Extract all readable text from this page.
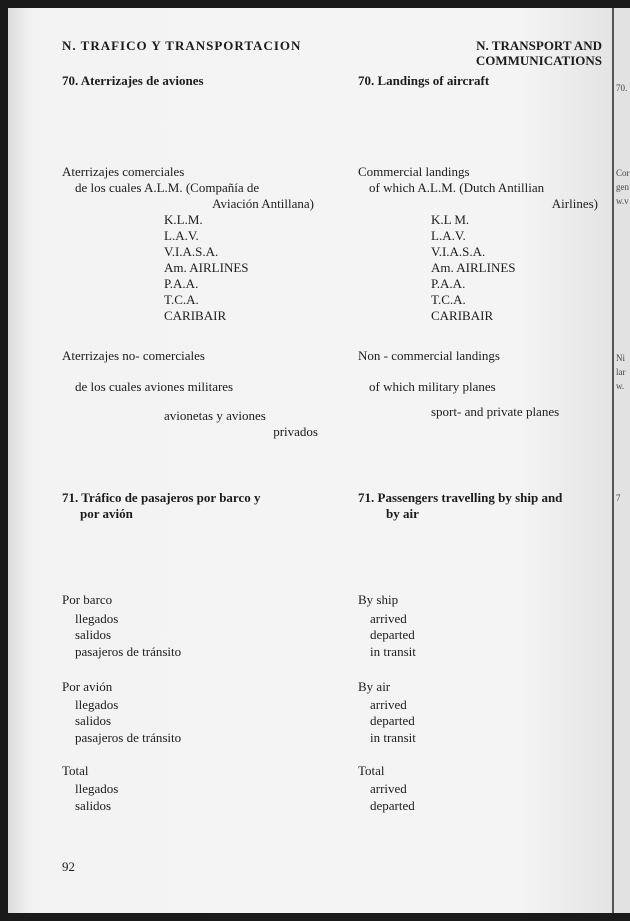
70.
Cor
gen
w.v
Ni
lar
w.
7
N. TRAFICO Y TRANSPORTACION	N. TRANSPORT AND
COMMUNICATIONS
70. Aterrizajes de aviones	70. Landings of aircraft
Aterrizajes comerciales
de los cuales A.L.M. (Compañía de
Aviación Antillana)
K.L.M.
L.A.V.
V.I.A.S.A.
Am. AIRLINES
P.A.A.
T.C.A.
CARIBAIR
Commercial landings
of which A.L.M. (Dutch Antillian
Airlines)
K.L M.
L.A.V.
V.I.A.S.A.
Am. AIRLINES
P.A.A.
T.C.A.
CARIBAIR
Aterrizajes no- comerciales
de los cuales aviones militares
avionetas y aviones
privados
Non - commercial landings
of which military planes
sport- and private planes
71. Tráfico de pasajeros por barco y
por avión
71. Passengers travelling by ship and
by air
Por barco
llegados
salidos
pasajeros de tránsito
Por avión
llegados
salidos
pasajeros de tránsito
Total
llegados
salidos
By ship
arrived
departed
in transit
By air
arrived
departed
in transit
Total
arrived
departed
92
